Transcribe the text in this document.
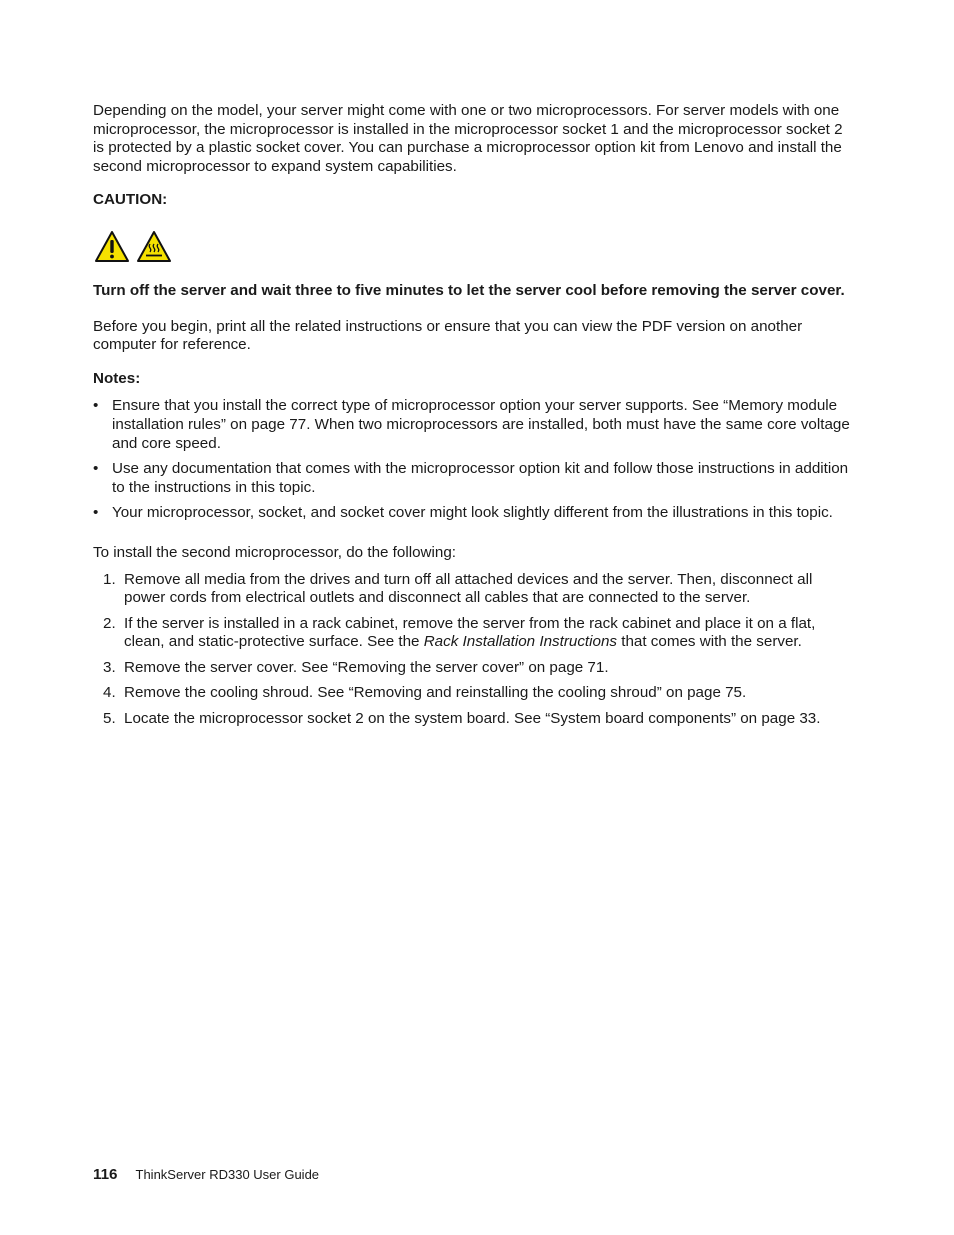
Depending on the model, your server might come with one or two microprocessors. For server models with one microprocessor, the microprocessor is installed in the microprocessor socket 1 and the microprocessor socket 2 is protected by a plastic socket cover. You can purchase a microprocessor option kit from Lenovo and install the second microprocessor to expand system capabilities.

CAUTION:

Turn off the server and wait three to five minutes to let the server cool before removing the server cover.

Before you begin, print all the related instructions or ensure that you can view the PDF version on another computer for reference.

Notes:

• Ensure that you install the correct type of microprocessor option your server supports. See “Memory module installation rules” on page 77. When two microprocessors are installed, both must have the same core voltage and core speed.
• Use any documentation that comes with the microprocessor option kit and follow those instructions in addition to the instructions in this topic.
• Your microprocessor, socket, and socket cover might look slightly different from the illustrations in this topic.

To install the second microprocessor, do the following:

1. Remove all media from the drives and turn off all attached devices and the server. Then, disconnect all power cords from electrical outlets and disconnect all cables that are connected to the server.
2. If the server is installed in a rack cabinet, remove the server from the rack cabinet and place it on a flat, clean, and static-protective surface. See the Rack Installation Instructions that comes with the server.
3. Remove the server cover. See “Removing the server cover” on page 71.
4. Remove the cooling shroud. See “Removing and reinstalling the cooling shroud” on page 75.
5. Locate the microprocessor socket 2 on the system board. See “System board components” on page 33.
116 ThinkServer RD330 User Guide
